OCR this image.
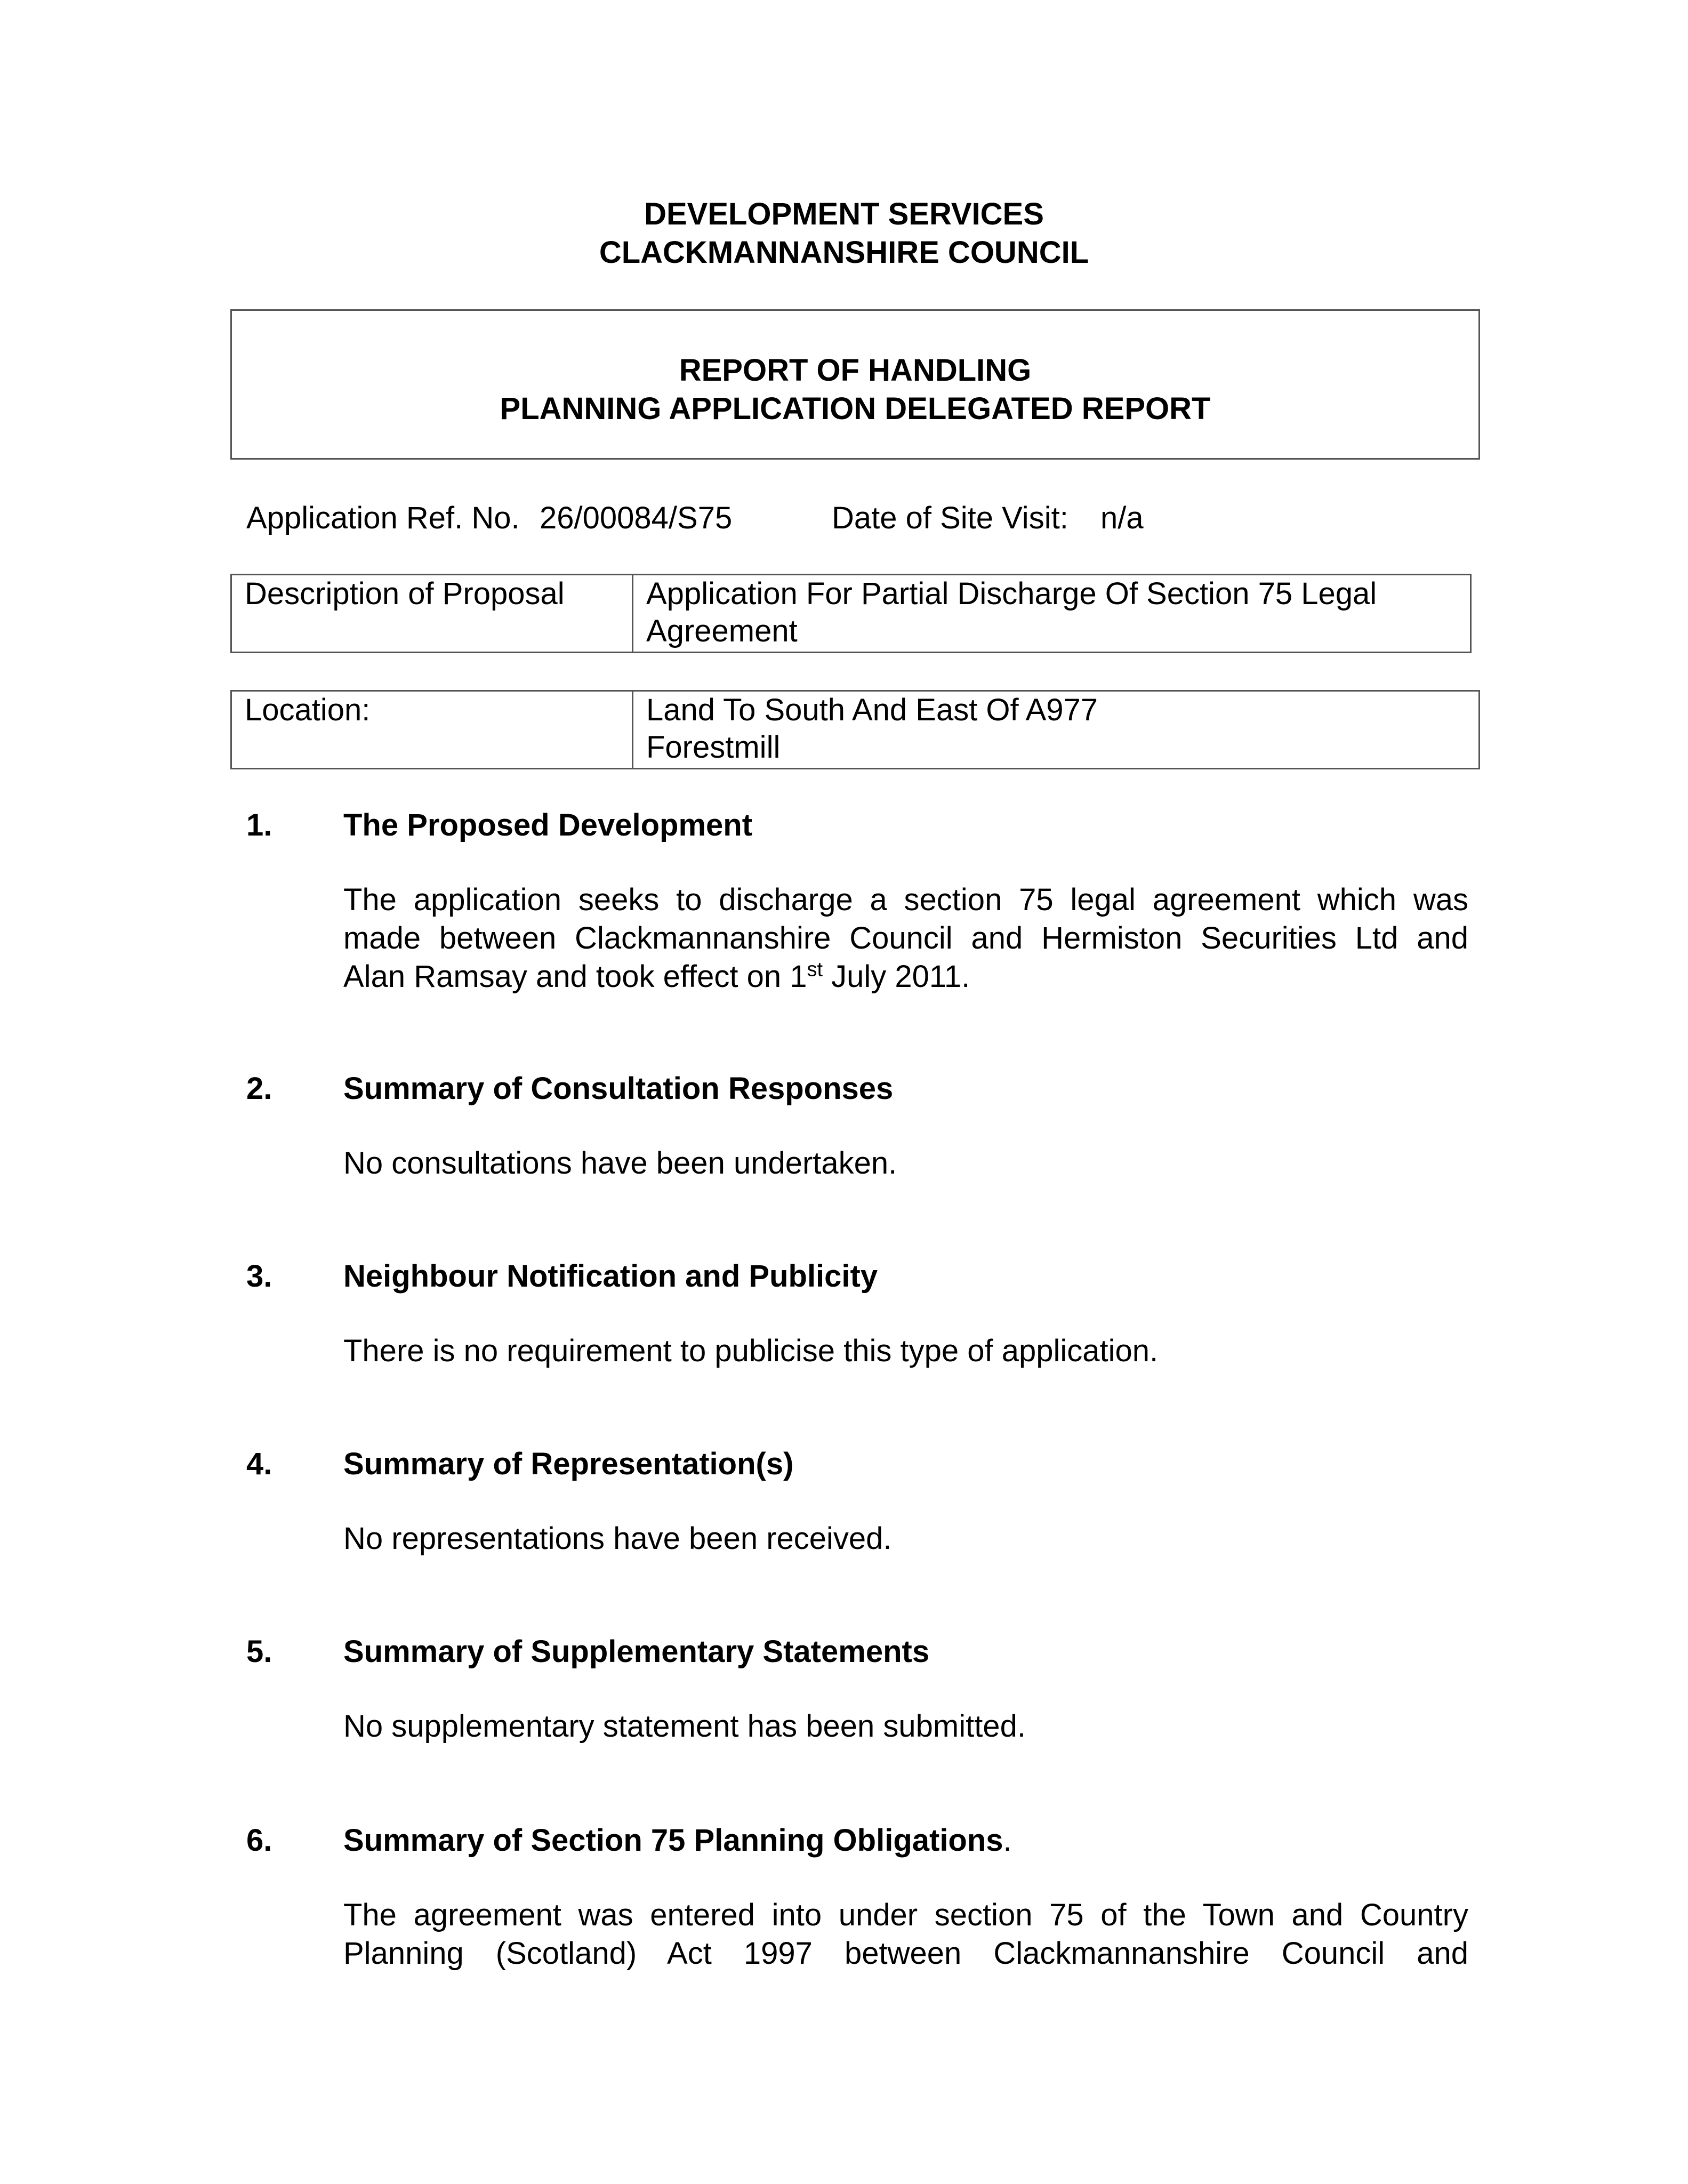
DEVELOPMENT SERVICES
CLACKMANNANSHIRE COUNCIL
REPORT OF HANDLING
PLANNING APPLICATION DELEGATED REPORT
Application Ref. No. 26/00084/S75	Date of Site Visit: n/a
Description of Proposal	Application For Partial Discharge Of Section 75 Legal
Agreement
Location:	Land To South And East Of A977
Forestmill
1. The Proposed Development
The application seeks to discharge a section 75 legal agreement which was
made between Clackmannanshire Council and Hermiston Securities Ltd and
Alan Ramsay and took effect on 1st July 2011.
2. Summary of Consultation Responses
No consultations have been undertaken.
3. Neighbour Notification and Publicity
There is no requirement to publicise this type of application.
4. Summary of Representation(s)
No representations have been received.
5. Summary of Supplementary Statements
No supplementary statement has been submitted.
6. Summary of Section 75 Planning Obligations.
The agreement was entered into under section 75 of the Town and Country
Planning (Scotland) Act 1997 between Clackmannanshire Council and
